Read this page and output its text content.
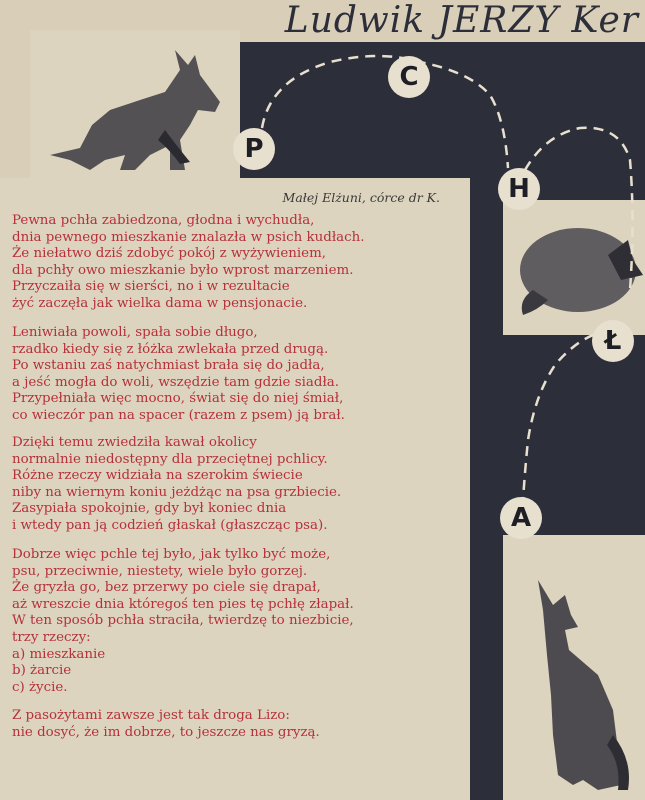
Ludwik JERZY Ker
Małej Elżuni, córce dr K.
Pewna pchła zabiedzona, głodna i wychudła,
dnia pewnego mieszkanie znalazła w psich kudłach.
Że niełatwo dziś zdobyć pokój z wyżywieniem,
dla pchły owo mieszkanie było wprost marzeniem.
Przyczaiła się w sierści, no i w rezultacie
żyć zaczęła jak wielka dama w pensjonacie.
Leniwiała powoli, spała sobie długo,
rzadko kiedy się z łóżka zwlekała przed drugą.
Po wstaniu zaś natychmiast brała się do jadła,
a jeść mogła do woli, wszędzie tam gdzie siadła.
Przypełniała więc mocno, świat się do niej śmiał,
co wieczór pan na spacer (razem z psem) ją brał.
Dzięki temu zwiedziła kawał okolicy
normalnie niedostępny dla przeciętnej pchlicy.
Różne rzeczy widziała na szerokim świecie
niby na wiernym koniu jeżdżąc na psa grzbiecie.
Zasypiała spokojnie, gdy był koniec dnia
i wtedy pan ją codzień głaskał (głaszcząc psa).
Dobrze więc pchle tej było, jak tylko być może,
psu, przeciwnie, niestety, wiele było gorzej.
Że gryzła go, bez przerwy po ciele się drapał,
aż wreszcie dnia któregoś ten pies tę pchłę złapał.
W ten sposób pchła straciła, twierdzę to niezbicie,
trzy rzeczy:
a) mieszkanie
b) żarcie
c) życie.
Z pasożytami zawsze jest tak droga Lizo:
nie dosyć, że im dobrze, to jeszcze nas gryzą.
P
C
H
Ł
A
